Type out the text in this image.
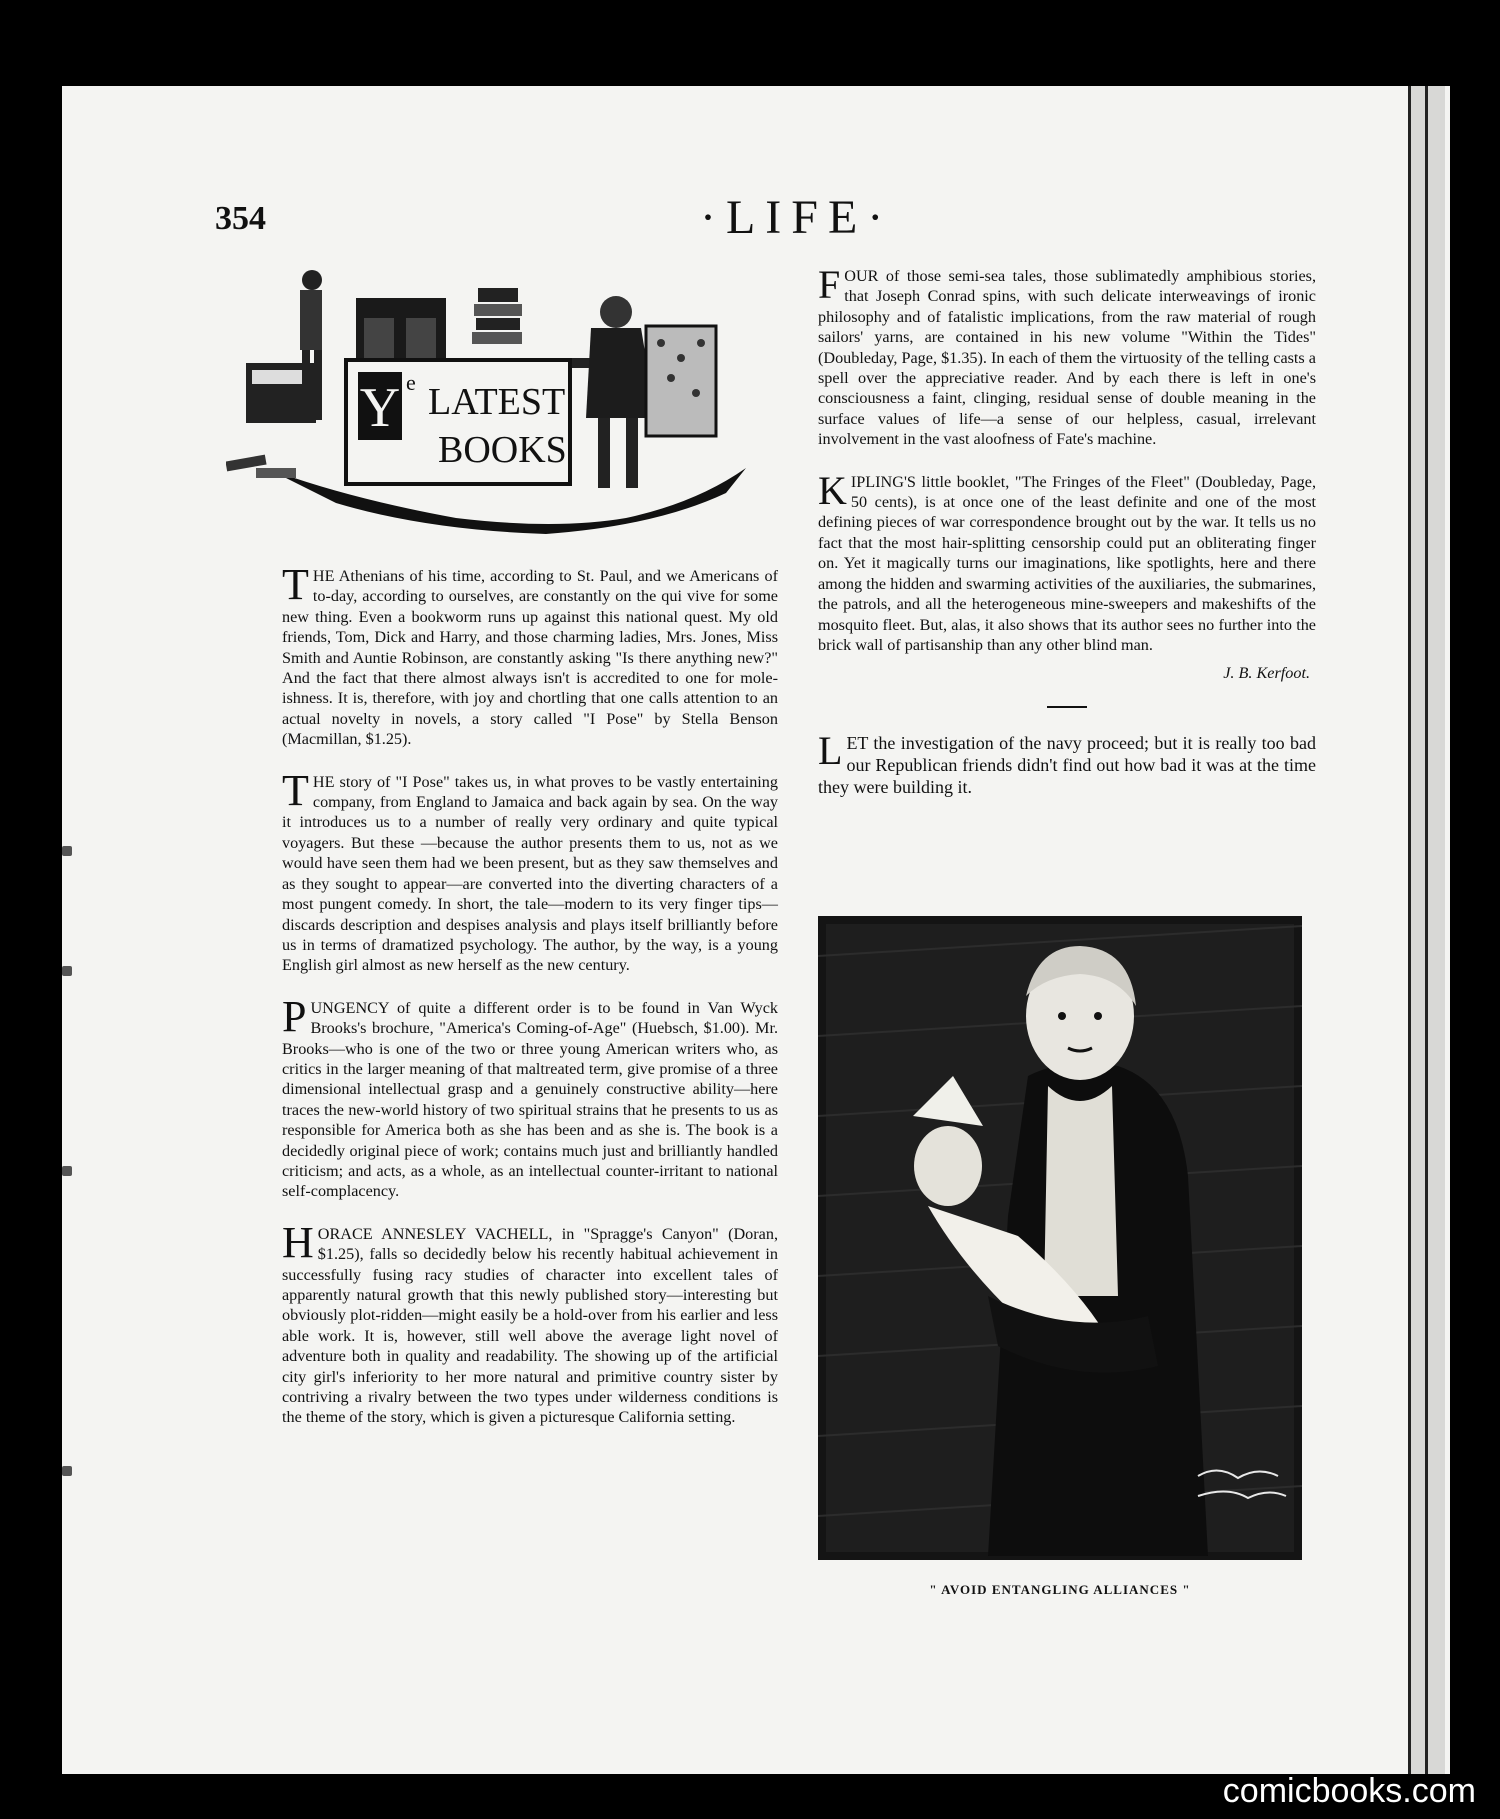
354	·LIFE·
Y e LATEST
BOOKS

THE Athenians of his time, according to St. Paul, and we Americans of to-day, according to ourselves, are constantly on the qui vive for some new thing. Even a bookworm runs up against this national quest. My old friends, Tom, Dick and Harry, and those charming ladies, Mrs. Jones, Miss Smith and Auntie Robinson, are constantly asking "Is there anything new?" And the fact that there almost always isn't is accredited to one for mole-ishness. It is, therefore, with joy and chortling that one calls attention to an actual novelty in novels, a story called "I Pose" by Stella Benson (Macmillan, $1.25).

THE story of "I Pose" takes us, in what proves to be vastly entertaining company, from England to Jamaica and back again by sea. On the way it introduces us to a number of really very ordinary and quite typical voyagers. But these —because the author presents them to us, not as we would have seen them had we been present, but as they saw themselves and as they sought to appear—are converted into the diverting characters of a most pungent comedy. In short, the tale—modern to its very finger tips—discards description and despises analysis and plays itself brilliantly before us in terms of dramatized psychology. The author, by the way, is a young English girl almost as new herself as the new century.

PUNGENCY of quite a different order is to be found in Van Wyck Brooks's brochure, "America's Coming-of-Age" (Huebsch, $1.00). Mr. Brooks—who is one of the two or three young American writers who, as critics in the larger meaning of that maltreated term, give promise of a three dimensional intellectual grasp and a genuinely constructive ability—here traces the new-world history of two spiritual strains that he presents to us as responsible for America both as she has been and as she is. The book is a decidedly original piece of work; contains much just and brilliantly handled criticism; and acts, as a whole, as an intellectual counter-irritant to national self-complacency.

HORACE ANNESLEY VACHELL, in "Spragge's Canyon" (Doran, $1.25), falls so decidedly below his recently habitual achievement in successfully fusing racy studies of character into excellent tales of apparently natural growth that this newly published story—interesting but obviously plot-ridden—might easily be a hold-over from his earlier and less able work. It is, however, still well above the average light novel of adventure both in quality and readability. The showing up of the artificial city girl's inferiority to her more natural and primitive country sister by contriving a rivalry between the two types under wilderness conditions is the theme of the story, which is given a picturesque California setting.

FOUR of those semi-sea tales, those sublimatedly amphibious stories, that Joseph Conrad spins, with such delicate interweavings of ironic philosophy and of fatalistic implications, from the raw material of rough sailors' yarns, are contained in his new volume "Within the Tides" (Doubleday, Page, $1.35). In each of them the virtuosity of the telling casts a spell over the appreciative reader. And by each there is left in one's consciousness a faint, clinging, residual sense of double meaning in the surface values of life—a sense of our helpless, casual, irrelevant involvement in the vast aloofness of Fate's machine.

KIPLING'S little booklet, "The Fringes of the Fleet" (Doubleday, Page, 50 cents), is at once one of the least definite and one of the most defining pieces of war correspondence brought out by the war. It tells us no fact that the most hair-splitting censorship could put an obliterating finger on. Yet it magically turns our imaginations, like spotlights, here and there among the hidden and swarming activities of the auxiliaries, the submarines, the patrols, and all the heterogeneous mine-sweepers and makeshifts of the mosquito fleet. But, alas, it also shows that its author sees no further into the brick wall of partisanship than any other blind man.

J. B. Kerfoot.

LET the investigation of the navy proceed; but it is really too bad our Republican friends didn't find out how bad it was at the time they were building it.

" AVOID ENTANGLING ALLIANCES "
comicbooks.com
